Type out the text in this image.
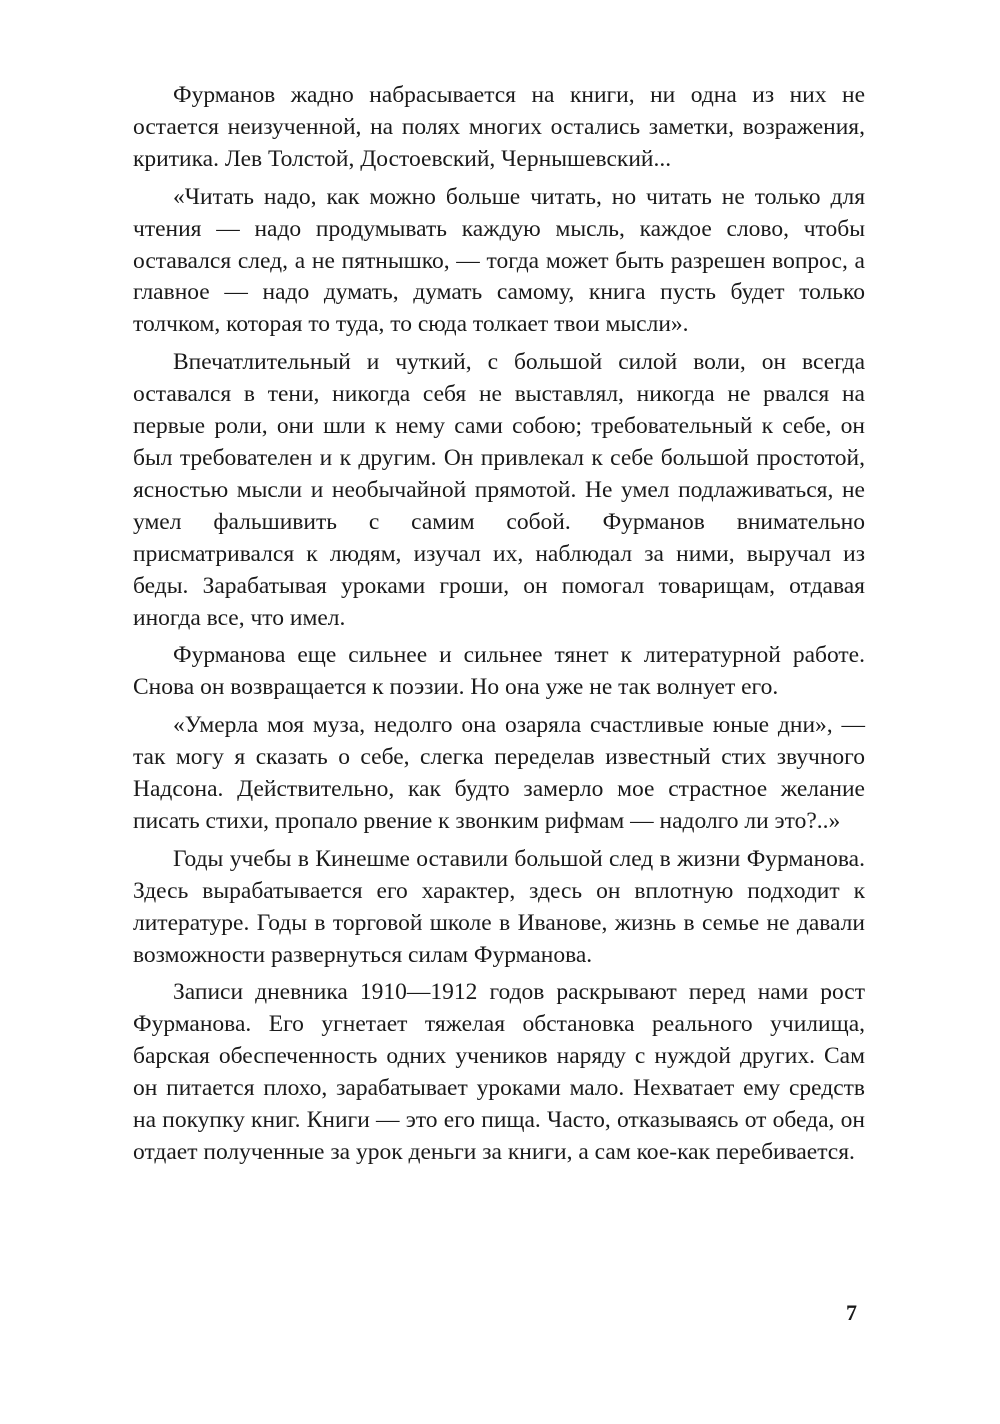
Фурманов жадно набрасывается на книги, ни одна из них не остается неизученной, на полях многих остались заметки, возражения, критика. Лев Толстой, Достоевский, Чернышевский...

«Читать надо, как можно больше читать, но читать не только для чтения — надо продумывать каждую мысль, каждое слово, чтобы оставался след, а не пятнышко, — тогда может быть разрешен вопрос, а главное — надо думать, думать самому, книга пусть будет только толчком, которая то туда, то сюда толкает твои мысли».

Впечатлительный и чуткий, с большой силой воли, он всегда оставался в тени, никогда себя не выставлял, никогда не рвался на первые роли, они шли к нему сами собою; требовательный к себе, он был требователен и к другим. Он привлекал к себе большой простотой, ясностью мысли и необычайной прямотой. Не умел подлаживаться, не умел фальшивить с самим собой. Фурманов внимательно присматривался к людям, изучал их, наблюдал за ними, выручал из беды. Зарабатывая уроками гроши, он помогал товарищам, отдавая иногда все, что имел.

Фурманова еще сильнее и сильнее тянет к литературной работе. Снова он возвращается к поэзии. Но она уже не так волнует его.

«Умерла моя муза, недолго она озаряла счастливые юные дни», — так могу я сказать о себе, слегка переделав известный стих звучного Надсона. Действительно, как будто замерло мое страстное желание писать стихи, пропало рвение к звонким рифмам — надолго ли это?..»

Годы учебы в Кинешме оставили большой след в жизни Фурманова. Здесь вырабатывается его характер, здесь он вплотную подходит к литературе. Годы в торговой школе в Иванове, жизнь в семье не давали возможности развернуться силам Фурманова.

Записи дневника 1910—1912 годов раскрывают перед нами рост Фурманова. Его угнетает тяжелая обстановка реального училища, барская обеспеченность одних учеников наряду с нуждой других. Сам он питается плохо, зарабатывает уроками мало. Нехватает ему средств на покупку книг. Книги — это его пища. Часто, отказываясь от обеда, он отдает полученные за урок деньги за книги, а сам кое-как перебивается.

7
